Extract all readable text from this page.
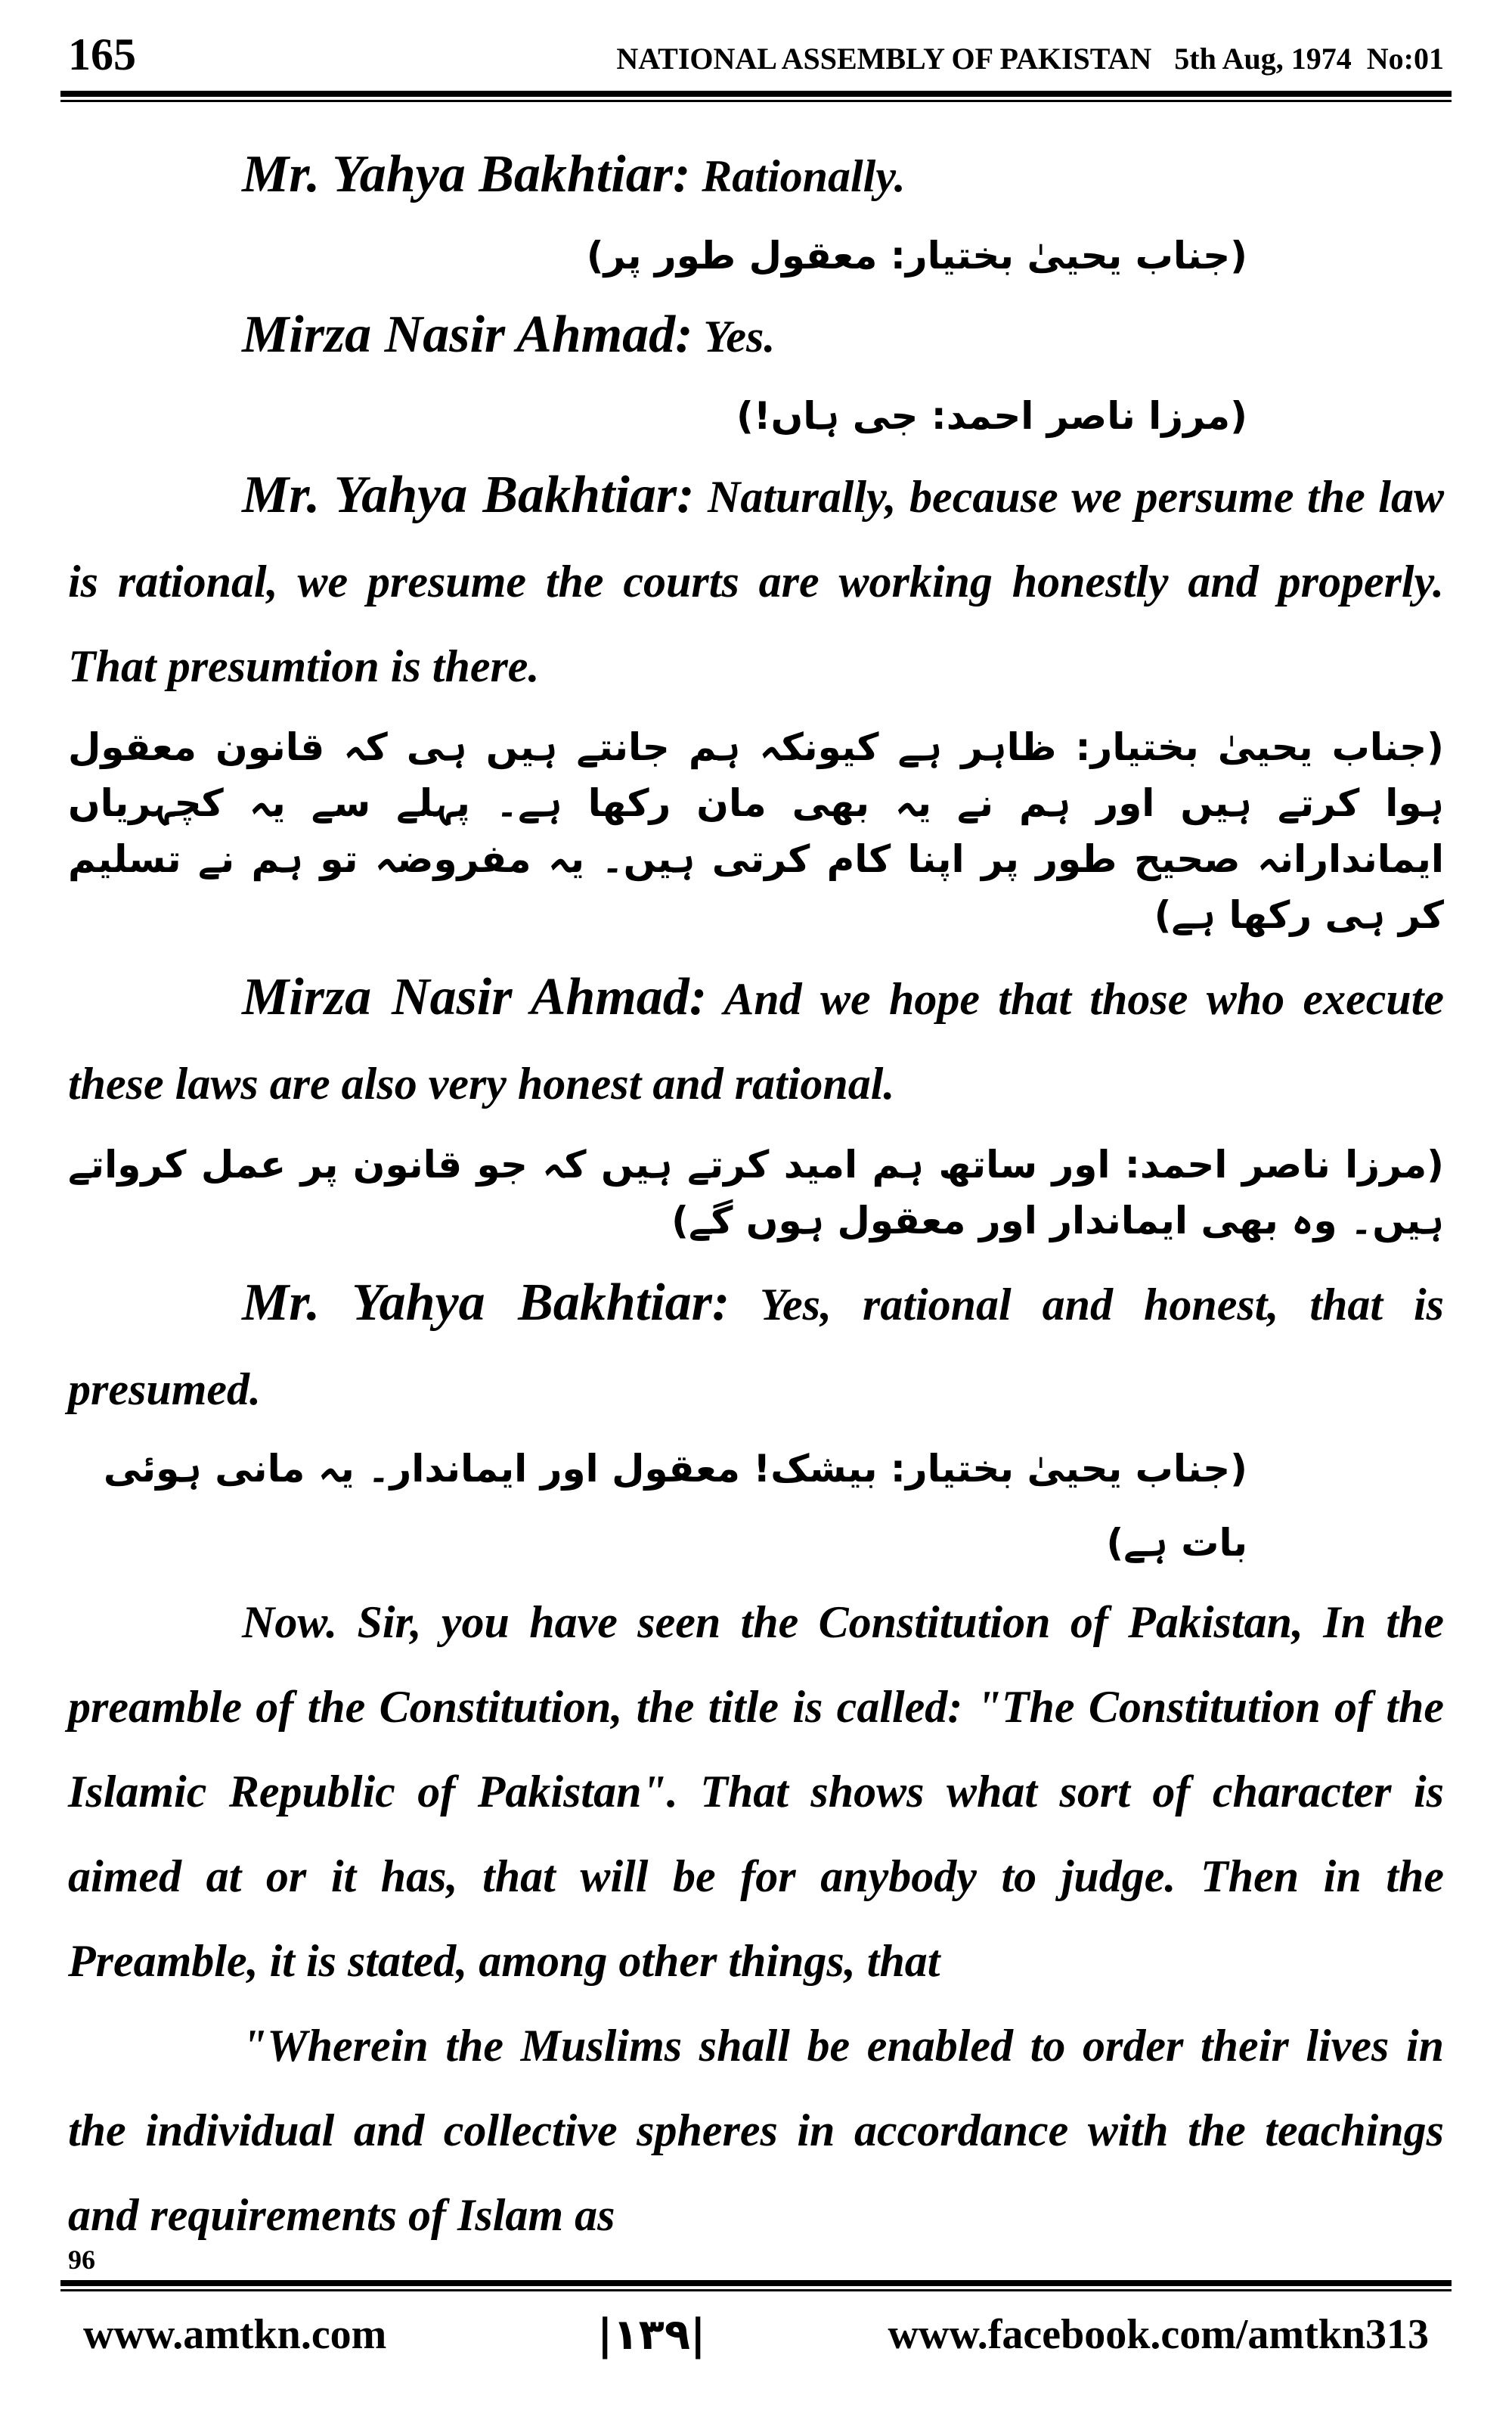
165	NATIONAL ASSEMBLY OF PAKISTAN   5th Aug, 1974  No:01

Mr. Yahya Bakhtiar: Rationally.

(جناب یحییٰ بختیار: معقول طور پر)

Mirza Nasir Ahmad: Yes.

(مرزا ناصر احمد: جی ہاں!)

Mr. Yahya Bakhtiar: Naturally, because we persume the law is rational, we presume the courts are working honestly and properly. That presumtion is there.

(جناب یحییٰ بختیار: ظاہر ہے کیونکہ ہم جانتے ہیں ہی کہ قانون معقول ہوا کرتے ہیں اور ہم نے یہ بھی مان رکھا ہے۔ پہلے سے یہ کچہریاں ایماندارانہ صحیح طور پر اپنا کام کرتی ہیں۔ یہ مفروضہ تو ہم نے تسلیم کر ہی رکھا ہے)

Mirza Nasir Ahmad: And we hope that those who execute these laws are also very honest and rational.

(مرزا ناصر احمد: اور ساتھ ہم امید کرتے ہیں کہ جو قانون پر عمل کرواتے ہیں۔ وہ بھی ایماندار اور معقول ہوں گے)

Mr. Yahya Bakhtiar: Yes, rational and honest, that is presumed.

(جناب یحییٰ بختیار: بیشک! معقول اور ایماندار۔ یہ مانی ہوئی بات ہے)

Now. Sir, you have seen the Constitution of Pakistan, In the preamble of the Constitution, the title is called: "The Constitution of the Islamic Republic of Pakistan". That shows what sort of character is aimed at or it has, that will be for anybody to judge. Then in the Preamble, it is stated, among other things, that

"Wherein the Muslims shall be enabled to order their lives in the individual and collective spheres in accordance with the teachings and requirements of Islam as

96
www.amtkn.com	|۱۳۹|	www.facebook.com/amtkn313
